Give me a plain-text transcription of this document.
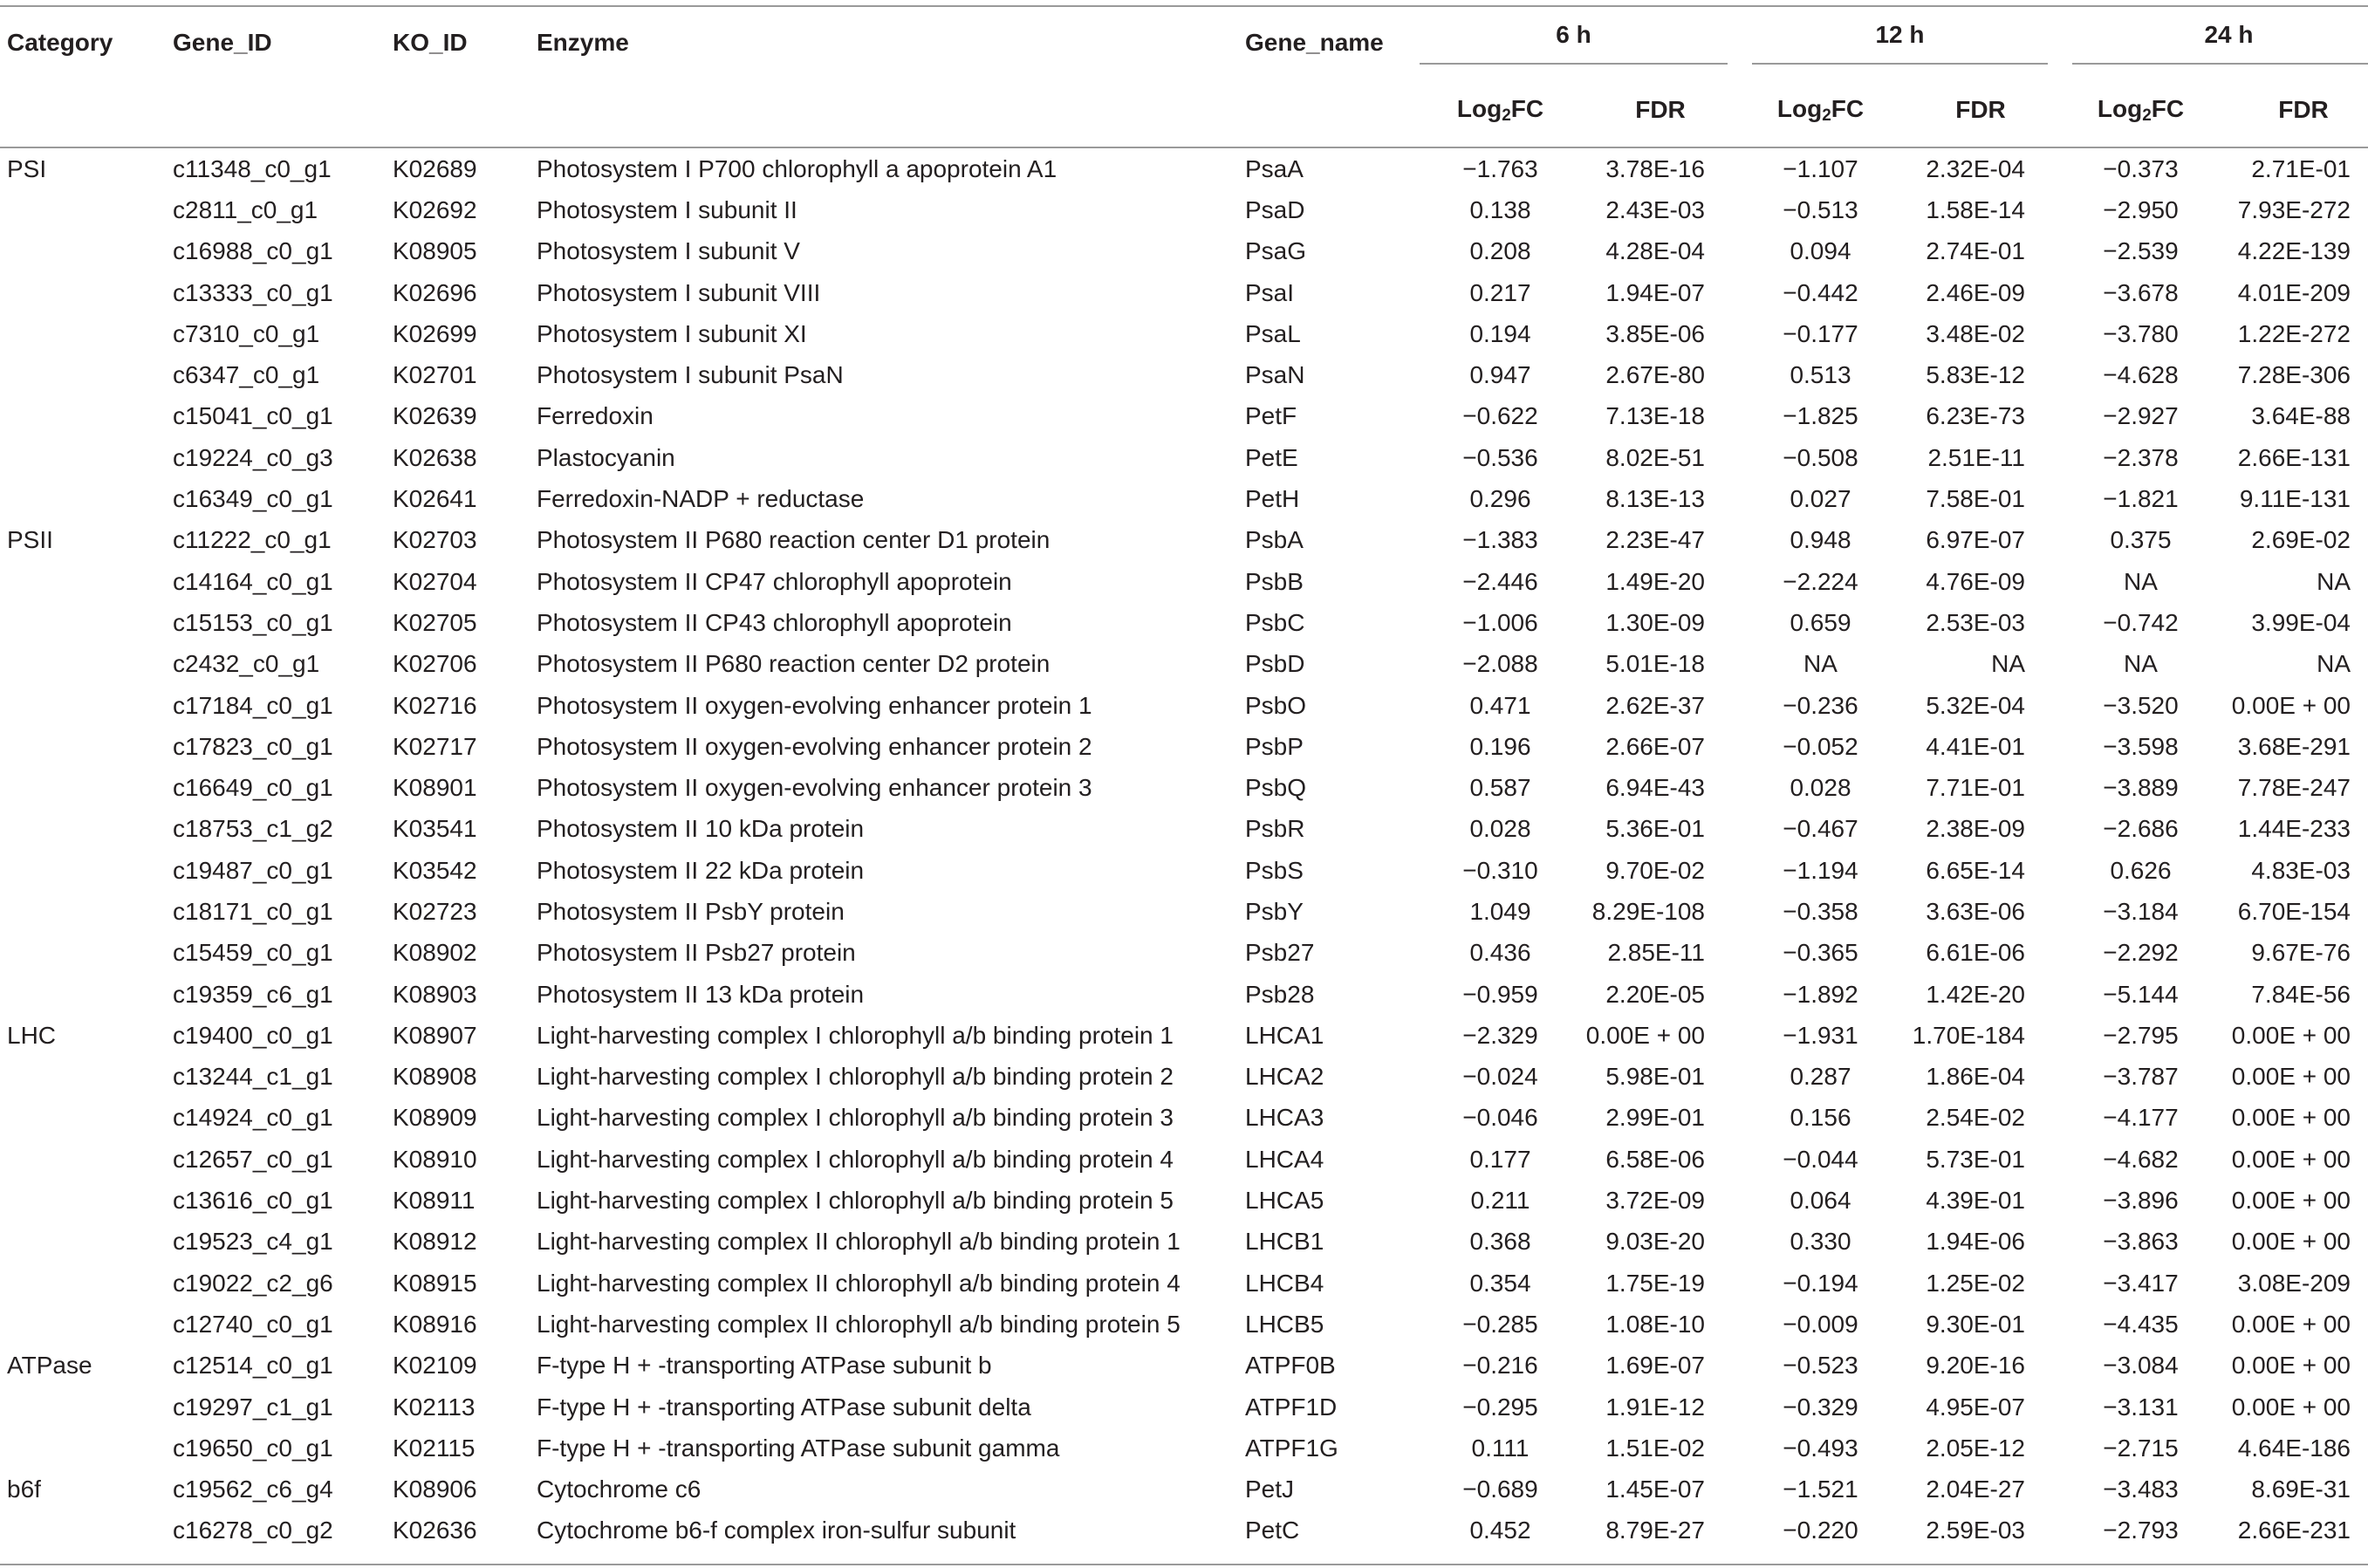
Category	Gene_ID	KO_ID	Enzyme	Gene_name	6 h		12 h		24 h	

					Log$_2$FC	FDR	Log$_2$FC	FDR	Log$_2$FC	FDR
PSI	c11348_c0_g1	K02689	Photosystem I P700 chlorophyll a apoprotein A1	PsaA	−1.763	3.78E-16	−1.107	2.32E-04	−0.373	2.71E-01
	c2811_c0_g1	K02692	Photosystem I subunit II	PsaD	0.138	2.43E-03	−0.513	1.58E-14	−2.950	7.93E-272
	c16988_c0_g1	K08905	Photosystem I subunit V	PsaG	0.208	4.28E-04	0.094	2.74E-01	−2.539	4.22E-139
	c13333_c0_g1	K02696	Photosystem I subunit VIII	PsaI	0.217	1.94E-07	−0.442	2.46E-09	−3.678	4.01E-209
	c7310_c0_g1	K02699	Photosystem I subunit XI	PsaL	0.194	3.85E-06	−0.177	3.48E-02	−3.780	1.22E-272
	c6347_c0_g1	K02701	Photosystem I subunit PsaN	PsaN	0.947	2.67E-80	0.513	5.83E-12	−4.628	7.28E-306
	c15041_c0_g1	K02639	Ferredoxin	PetF	−0.622	7.13E-18	−1.825	6.23E-73	−2.927	3.64E-88
	c19224_c0_g3	K02638	Plastocyanin	PetE	−0.536	8.02E-51	−0.508	2.51E-11	−2.378	2.66E-131
	c16349_c0_g1	K02641	Ferredoxin-NADP + reductase	PetH	0.296	8.13E-13	0.027	7.58E-01	−1.821	9.11E-131
PSII	c11222_c0_g1	K02703	Photosystem II P680 reaction center D1 protein	PsbA	−1.383	2.23E-47	0.948	6.97E-07	0.375	2.69E-02
	c14164_c0_g1	K02704	Photosystem II CP47 chlorophyll apoprotein	PsbB	−2.446	1.49E-20	−2.224	4.76E-09	NA	NA
	c15153_c0_g1	K02705	Photosystem II CP43 chlorophyll apoprotein	PsbC	−1.006	1.30E-09	0.659	2.53E-03	−0.742	3.99E-04
	c2432_c0_g1	K02706	Photosystem II P680 reaction center D2 protein	PsbD	−2.088	5.01E-18	NA	NA	NA	NA
	c17184_c0_g1	K02716	Photosystem II oxygen-evolving enhancer protein 1	PsbO	0.471	2.62E-37	−0.236	5.32E-04	−3.520	0.00E + 00
	c17823_c0_g1	K02717	Photosystem II oxygen-evolving enhancer protein 2	PsbP	0.196	2.66E-07	−0.052	4.41E-01	−3.598	3.68E-291
	c16649_c0_g1	K08901	Photosystem II oxygen-evolving enhancer protein 3	PsbQ	0.587	6.94E-43	0.028	7.71E-01	−3.889	7.78E-247
	c18753_c1_g2	K03541	Photosystem II 10 kDa protein	PsbR	0.028	5.36E-01	−0.467	2.38E-09	−2.686	1.44E-233
	c19487_c0_g1	K03542	Photosystem II 22 kDa protein	PsbS	−0.310	9.70E-02	−1.194	6.65E-14	0.626	4.83E-03
	c18171_c0_g1	K02723	Photosystem II PsbY protein	PsbY	1.049	8.29E-108	−0.358	3.63E-06	−3.184	6.70E-154
	c15459_c0_g1	K08902	Photosystem II Psb27 protein	Psb27	0.436	2.85E-11	−0.365	6.61E-06	−2.292	9.67E-76
	c19359_c6_g1	K08903	Photosystem II 13 kDa protein	Psb28	−0.959	2.20E-05	−1.892	1.42E-20	−5.144	7.84E-56
LHC	c19400_c0_g1	K08907	Light-harvesting complex I chlorophyll a/b binding protein 1	LHCA1	−2.329	0.00E + 00	−1.931	1.70E-184	−2.795	0.00E + 00
	c13244_c1_g1	K08908	Light-harvesting complex I chlorophyll a/b binding protein 2	LHCA2	−0.024	5.98E-01	0.287	1.86E-04	−3.787	0.00E + 00
	c14924_c0_g1	K08909	Light-harvesting complex I chlorophyll a/b binding protein 3	LHCA3	−0.046	2.99E-01	0.156	2.54E-02	−4.177	0.00E + 00
	c12657_c0_g1	K08910	Light-harvesting complex I chlorophyll a/b binding protein 4	LHCA4	0.177	6.58E-06	−0.044	5.73E-01	−4.682	0.00E + 00
	c13616_c0_g1	K08911	Light-harvesting complex I chlorophyll a/b binding protein 5	LHCA5	0.211	3.72E-09	0.064	4.39E-01	−3.896	0.00E + 00
	c19523_c4_g1	K08912	Light-harvesting complex II chlorophyll a/b binding protein 1	LHCB1	0.368	9.03E-20	0.330	1.94E-06	−3.863	0.00E + 00
	c19022_c2_g6	K08915	Light-harvesting complex II chlorophyll a/b binding protein 4	LHCB4	0.354	1.75E-19	−0.194	1.25E-02	−3.417	3.08E-209
	c12740_c0_g1	K08916	Light-harvesting complex II chlorophyll a/b binding protein 5	LHCB5	−0.285	1.08E-10	−0.009	9.30E-01	−4.435	0.00E + 00
ATPase	c12514_c0_g1	K02109	F-type H + -transporting ATPase subunit b	ATPF0B	−0.216	1.69E-07	−0.523	9.20E-16	−3.084	0.00E + 00
	c19297_c1_g1	K02113	F-type H + -transporting ATPase subunit delta	ATPF1D	−0.295	1.91E-12	−0.329	4.95E-07	−3.131	0.00E + 00
	c19650_c0_g1	K02115	F-type H + -transporting ATPase subunit gamma	ATPF1G	0.111	1.51E-02	−0.493	2.05E-12	−2.715	4.64E-186
b6f	c19562_c6_g4	K08906	Cytochrome c6	PetJ	−0.689	1.45E-07	−1.521	2.04E-27	−3.483	8.69E-31
	c16278_c0_g2	K02636	Cytochrome b6-f complex iron-sulfur subunit	PetC	0.452	8.79E-27	−0.220	2.59E-03	−2.793	2.66E-231
